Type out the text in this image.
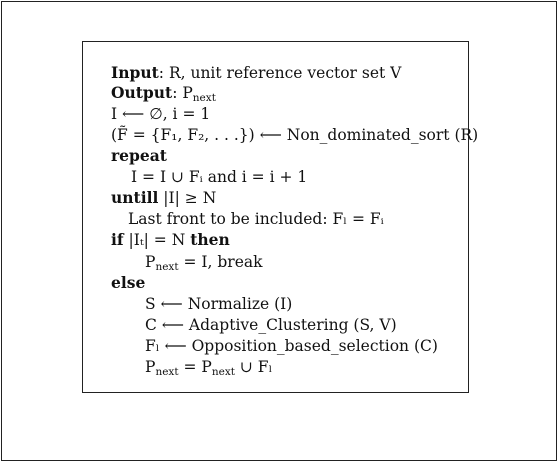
Input: R, unit reference vector set V
Output: $P_{next}$
I ⟵ ∅, i = 1
(F̃ = {F₁, F₂, . . .}) ⟵ Non_dominated_sort (R)
repeat
I = I ∪ Fᵢ and i = i + 1
untill |I| ≥ N
Last front to be included: Fₗ = Fᵢ
if |Iₜ| = N then
$P_{next} = I$, break
else
S ⟵ Normalize (I)
C ⟵ Adaptive_Clustering (S, V)
Fₗ ⟵ Opposition_based_selection (C)
$P_{next} = P_{next}$ ∪ Fₗ
